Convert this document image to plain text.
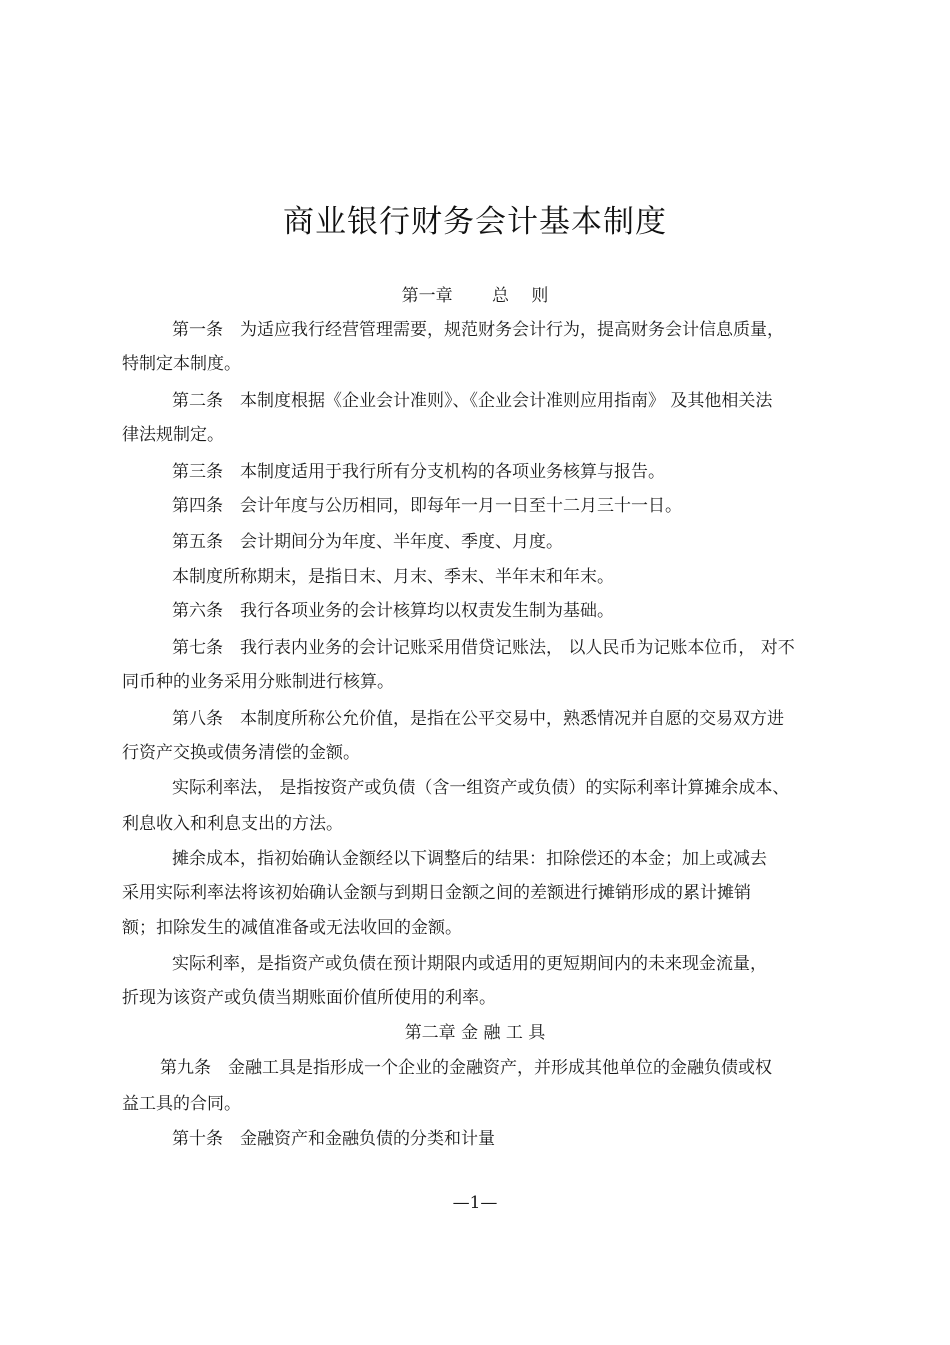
商业银行财务会计基本制度

第一章　　 总　 则

第一条　为适应我行经营管理需要，规范财务会计行为，提高财务会计信息质量，

特制定本制度。

第二条　本制度根据《企业会计准则》、《企业会计准则应用指南》 及其他相关法

律法规制定。

第三条　本制度适用于我行所有分支机构的各项业务核算与报告。

第四条　会计年度与公历相同，即每年一月一日至十二月三十一日。

第五条　会计期间分为年度、半年度、季度、月度。

本制度所称期末，是指日末、月末、季末、半年末和年末。

第六条　我行各项业务的会计核算均以权责发生制为基础。

第七条　我行表内业务的会计记账采用借贷记账法， 以人民币为记账本位币， 对不

同币种的业务采用分账制进行核算。

第八条　本制度所称公允价值，是指在公平交易中，熟悉情况并自愿的交易双方进

行资产交换或债务清偿的金额。

实际利率法， 是指按资产或负债（含一组资产或负债）的实际利率计算摊余成本、

利息收入和利息支出的方法。

摊余成本，指初始确认金额经以下调整后的结果：扣除偿还的本金；加上或减去

采用实际利率法将该初始确认金额与到期日金额之间的差额进行摊销形成的累计摊销

额；扣除发生的减值准备或无法收回的金额。

实际利率，是指资产或负债在预计期限内或适用的更短期间内的未来现金流量，

折现为该资产或负债当期账面价值所使用的利率。

第二章 金 融 工 具

第九条　金融工具是指形成一个企业的金融资产，并形成其他单位的金融负债或权

益工具的合同。

第十条　金融资产和金融负债的分类和计量

—1—
